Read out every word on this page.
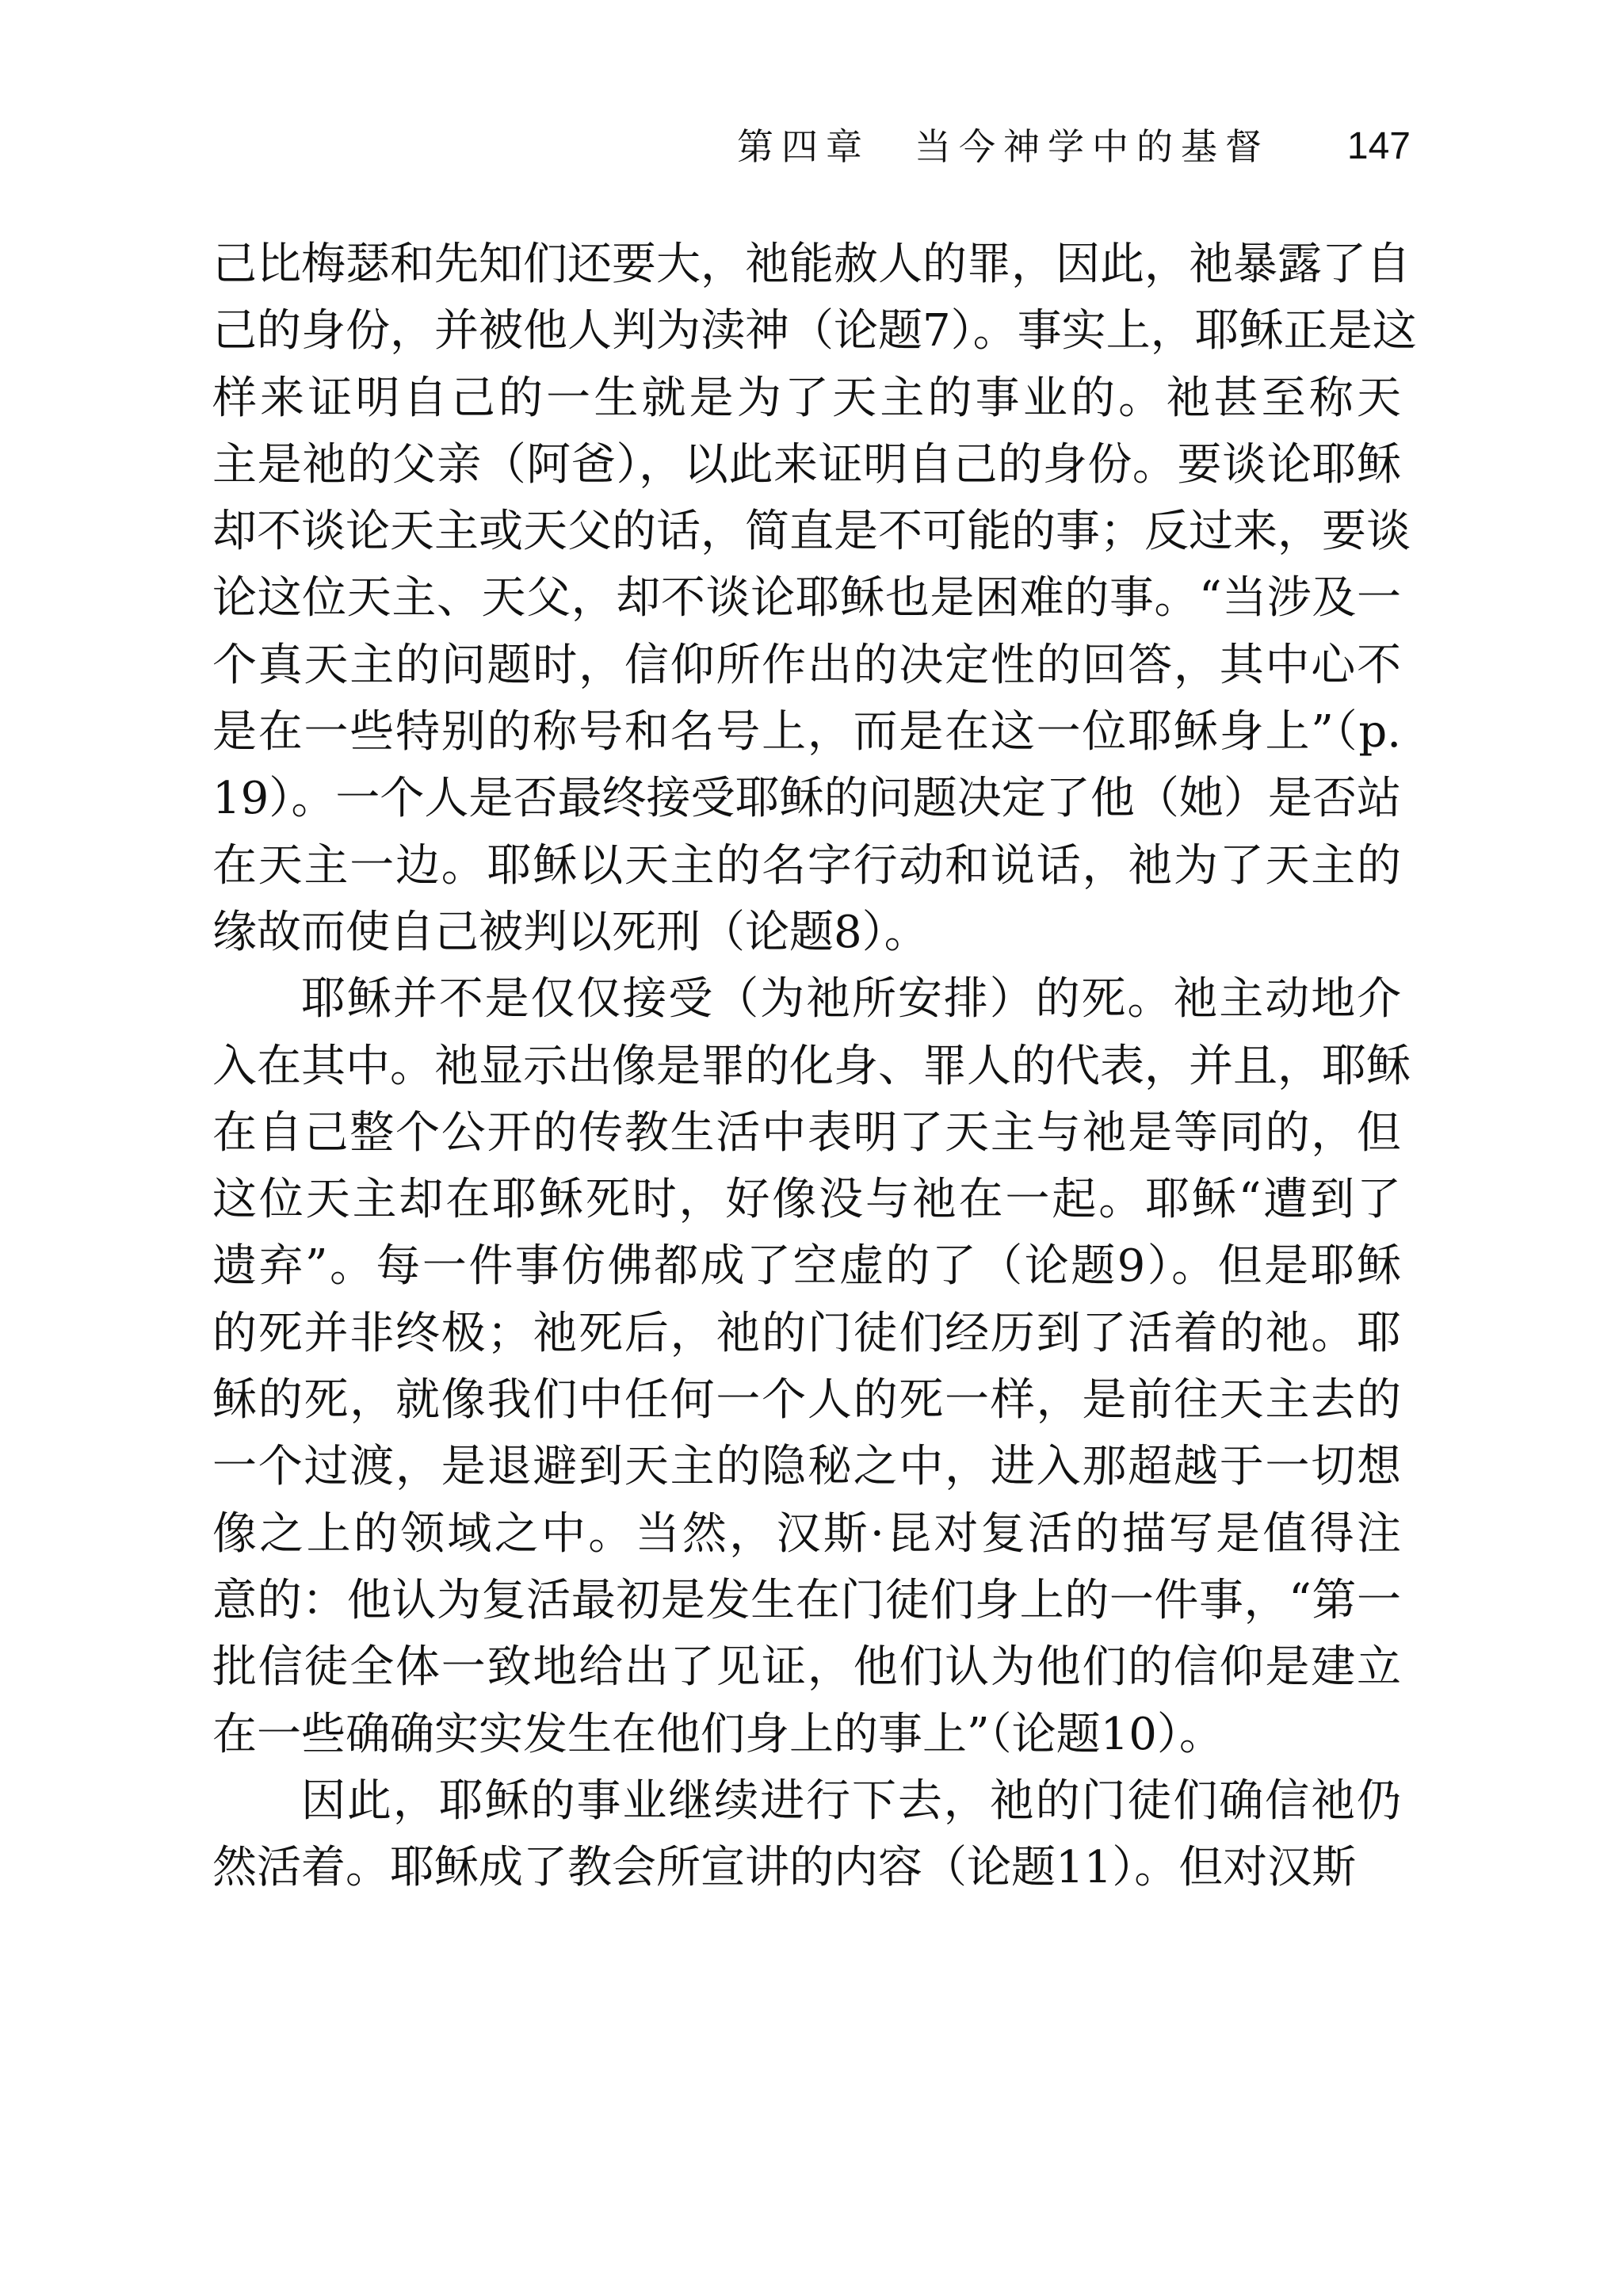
第四章　当今神学中的基督 147
己比梅瑟和先知们还要大，祂能赦人的罪，因此，祂暴露了自
己的身份，并被他人判为渎神（论题7）。事实上，耶稣正是这
样来证明自己的一生就是为了天主的事业的。祂甚至称天
主是祂的父亲（阿爸），以此来证明自己的身份。要谈论耶稣
却不谈论天主或天父的话，简直是不可能的事；反过来，要谈
论这位天主、天父，却不谈论耶稣也是困难的事。“当涉及一
个真天主的问题时，信仰所作出的决定性的回答，其中心不
是在一些特别的称号和名号上，而是在这一位耶稣身上”（p.
19）。一个人是否最终接受耶稣的问题决定了他（她）是否站
在天主一边。耶稣以天主的名字行动和说话，祂为了天主的
缘故而使自己被判以死刑（论题8）。
耶稣并不是仅仅接受（为祂所安排）的死。祂主动地介
入在其中。祂显示出像是罪的化身、罪人的代表，并且，耶稣
在自己整个公开的传教生活中表明了天主与祂是等同的，但
这位天主却在耶稣死时，好像没与祂在一起。耶稣“遭到了
遗弃”。每一件事仿佛都成了空虚的了（论题9）。但是耶稣
的死并非终极；祂死后，祂的门徒们经历到了活着的祂。耶
稣的死，就像我们中任何一个人的死一样，是前往天主去的
一个过渡，是退避到天主的隐秘之中，进入那超越于一切想
像之上的领域之中。当然，汉斯·昆对复活的描写是值得注
意的：他认为复活最初是发生在门徒们身上的一件事，“第一
批信徒全体一致地给出了见证，他们认为他们的信仰是建立
在一些确确实实发生在他们身上的事上”（论题10）。
因此，耶稣的事业继续进行下去，祂的门徒们确信祂仍
然活着。耶稣成了教会所宣讲的内容（论题11）。但对汉斯
